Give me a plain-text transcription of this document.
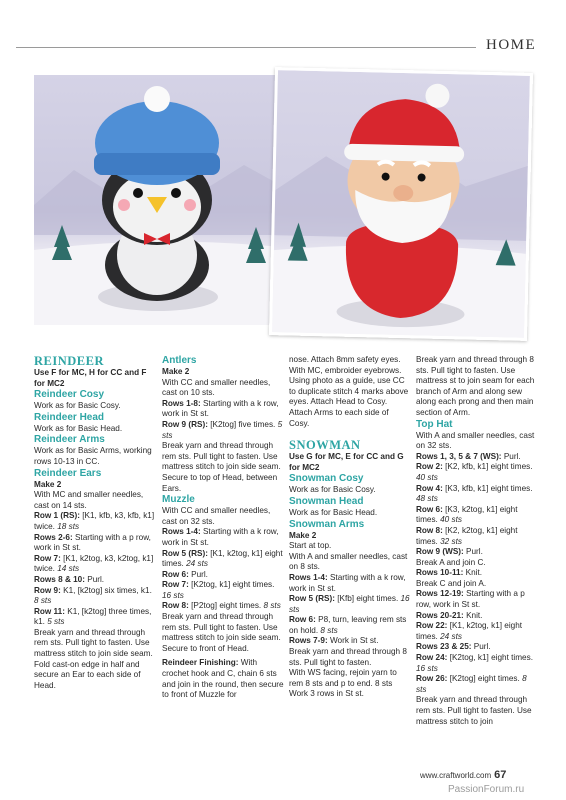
HOME

REINDEER

Use F for MC, H for CC and F for MC2

Reindeer Cosy

Work as for Basic Cosy.

Reindeer Head

Work as for Basic Head.

Reindeer Arms

Work as for Basic Arms, working rows 10-13 in CC.

Reindeer Ears

Make 2

With MC and smaller needles, cast on 14 sts.

Row 1 (RS): [K1, kfb, k3, kfb, k1] twice. 18 sts

Rows 2-6: Starting with a p row, work in St st.

Row 7: [K1, k2tog, k3, k2tog, k1] twice. 14 sts

Rows 8 & 10: Purl.

Row 9: K1, [k2tog] six times, k1. 8 sts

Row 11: K1, [k2tog] three times, k1. 5 sts

Break yarn and thread through rem sts. Pull tight to fasten. Use mattress stitch to join side seam. Fold cast-on edge in half and secure an Ear to each side of Head.

Antlers

Make 2

With CC and smaller needles, cast on 10 sts.

Rows 1-8: Starting with a k row, work in St st.

Row 9 (RS): [K2tog] five times. 5 sts

Break yarn and thread through rem sts. Pull tight to fasten. Use mattress stitch to join side seam. Secure to top of Head, between Ears.

Muzzle

With CC and smaller needles, cast on 32 sts.

Rows 1-4: Starting with a k row, work in St st.

Row 5 (RS): [K1, k2tog, k1] eight times. 24 sts

Row 6: Purl.

Row 7: [K2tog, k1] eight times. 16 sts

Row 8: [P2tog] eight times. 8 sts

Break yarn and thread through rem sts. Pull tight to fasten. Use mattress stitch to join side seam. Secure to front of Head.

Reindeer Finishing: With crochet hook and C, chain 6 sts and join in the round, then secure to front of Muzzle for

nose. Attach 8mm safety eyes. With MC, embroider eyebrows. Using photo as a guide, use CC to duplicate stitch 4 marks above eyes. Attach Head to Cosy. Attach Arms to each side of Cosy.

SNOWMAN

Use G for MC, E for CC and G for MC2

Snowman Cosy

Work as for Basic Cosy.

Snowman Head

Work as for Basic Head.

Snowman Arms

Make 2

Start at top.

With A and smaller needles, cast on 8 sts.

Rows 1-4: Starting with a k row, work in St st.

Row 5 (RS): [Kfb] eight times. 16 sts

Row 6: P8, turn, leaving rem sts on hold. 8 sts

Rows 7-9: Work in St st.

Break yarn and thread through 8 sts. Pull tight to fasten.

With WS facing, rejoin yarn to rem 8 sts and p to end. 8 sts Work 3 rows in St st.

Break yarn and thread through 8 sts. Pull tight to fasten. Use mattress st to join seam for each branch of Arm and along sew along each prong and then main section of Arm.

Top Hat

With A and smaller needles, cast on 32 sts.

Rows 1, 3, 5 & 7 (WS): Purl.

Row 2: [K2, kfb, k1] eight times. 40 sts

Row 4: [K3, kfb, k1] eight times. 48 sts

Row 6: [K3, k2tog, k1] eight times. 40 sts

Row 8: [K2, k2tog, k1] eight times. 32 sts

Row 9 (WS): Purl.

Break A and join C.

Rows 10-11: Knit.

Break C and join A.

Rows 12-19: Starting with a p row, work in St st.

Rows 20-21: Knit.

Row 22: [K1, k2tog, k1] eight times. 24 sts

Rows 23 & 25: Purl.

Row 24: [K2tog, k1] eight times. 16 sts

Row 26: [K2tog] eight times. 8 sts

Break yarn and thread through rem sts. Pull tight to fasten. Use mattress stitch to join

www.craftworld.com 67
PassionForum.ru
